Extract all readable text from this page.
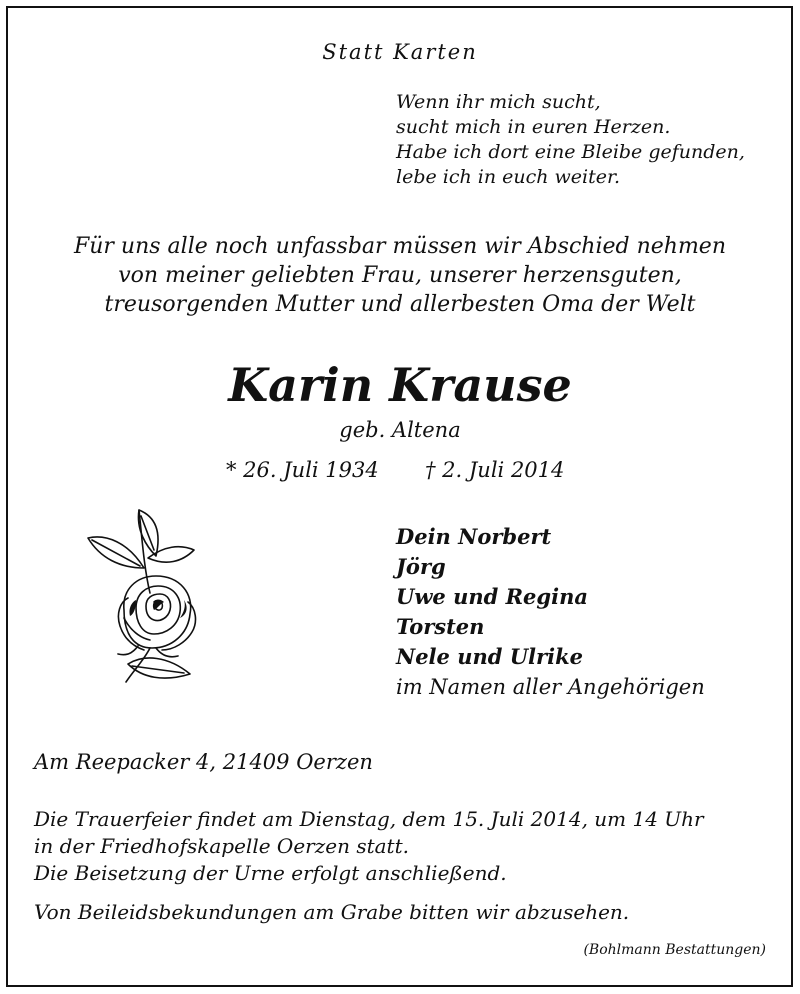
Statt Karten

Wenn ihr mich sucht,
sucht mich in euren Herzen.
Habe ich dort eine Bleibe gefunden,
lebe ich in euch weiter.
Für uns alle noch unfassbar müssen wir Abschied nehmen
von meiner geliebten Frau, unserer herzensguten,
treusorgenden Mutter und allerbesten Oma der Welt

Karin Krause

geb. Altena

* 26. Juli 1934 † 2. Juli 2014

Dein Norbert
Jörg
Uwe und Regina
Torsten
Nele und Ulrike
im Namen aller Angehörigen

Am Reepacker 4, 21409 Oerzen

Die Trauerfeier findet am Dienstag, dem 15. Juli 2014, um 14 Uhr
in der Friedhofskapelle Oerzen statt.
Die Beisetzung der Urne erfolgt anschließend.

Von Beileidsbekundungen am Grabe bitten wir abzusehen.

(Bohlmann Bestattungen)
